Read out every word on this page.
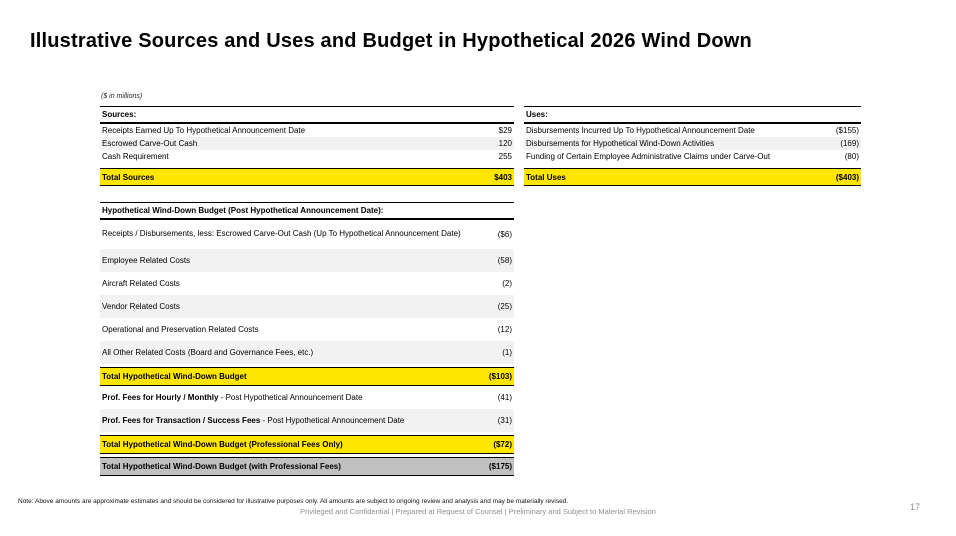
Illustrative Sources and Uses and Budget in Hypothetical 2026 Wind Down
($ in millions)
Sources:
Receipts Earned Up To Hypothetical Announcement Date	$29
Escrowed Carve-Out Cash	120
Cash Requirement	255
Total Sources	$403
Uses:
Disbursements Incurred Up To Hypothetical Announcement Date	($155)
Disbursements for Hypothetical Wind-Down Activities	(169)
Funding of Certain Employee Administrative Claims under Carve-Out	(80)
Total Uses	($403)
Hypothetical Wind-Down Budget (Post Hypothetical Announcement Date):
Receipts / Disbursements, less: Escrowed Carve-Out Cash (Up To Hypothetical Announcement Date)	($6)
Employee Related Costs	(58)
Aircraft Related Costs	(2)
Vendor Related Costs	(25)
Operational and Preservation Related Costs	(12)
All Other Related Costs (Board and Governance Fees, etc.)	(1)
Total Hypothetical Wind-Down Budget	($103)
Prof. Fees for Hourly / Monthly - Post Hypothetical Announcement Date	(41)
Prof. Fees for Transaction / Success Fees - Post Hypothetical Announcement Date	(31)
Total Hypothetical Wind-Down Budget (Professional Fees Only)	($72)
Total Hypothetical Wind-Down Budget (with Professional Fees)	($175)
Note: Above amounts are approximate estimates and should be considered for illustrative purposes only. All amounts are subject to ongoing review and analysis and may be materially revised.
Privileged and Confidential | Prepared at Request of Counsel | Preliminary and Subject to Material Revision	17
